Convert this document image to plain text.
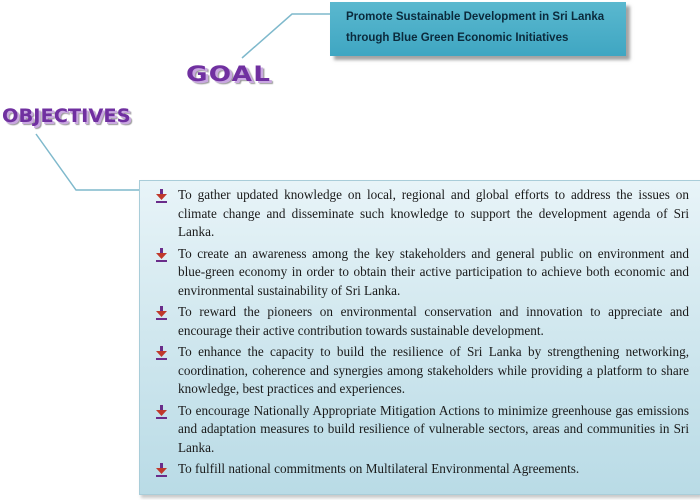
Promote Sustainable Development in Sri Lanka
through Blue Green Economic Initiatives
GOAL
OBJECTIVES
To gather updated knowledge on local, regional and global efforts to address the issues on climate change and disseminate such knowledge to support the development agenda of Sri Lanka.
To create an awareness among the key stakeholders and general public on environment and blue-green economy in order to obtain their active participation to achieve both economic and environmental sustainability of Sri Lanka.
To reward the pioneers on environmental conservation and innovation to appreciate and encourage their active contribution towards sustainable development.
To enhance the capacity to build the resilience of Sri Lanka by strengthening networking, coordination, coherence and synergies among stakeholders while providing a platform to share knowledge, best practices and experiences.
To encourage Nationally Appropriate Mitigation Actions to minimize greenhouse gas emissions and adaptation measures to build resilience of vulnerable sectors, areas and communities in Sri Lanka.
To fulfill national commitments on Multilateral Environmental Agreements.
